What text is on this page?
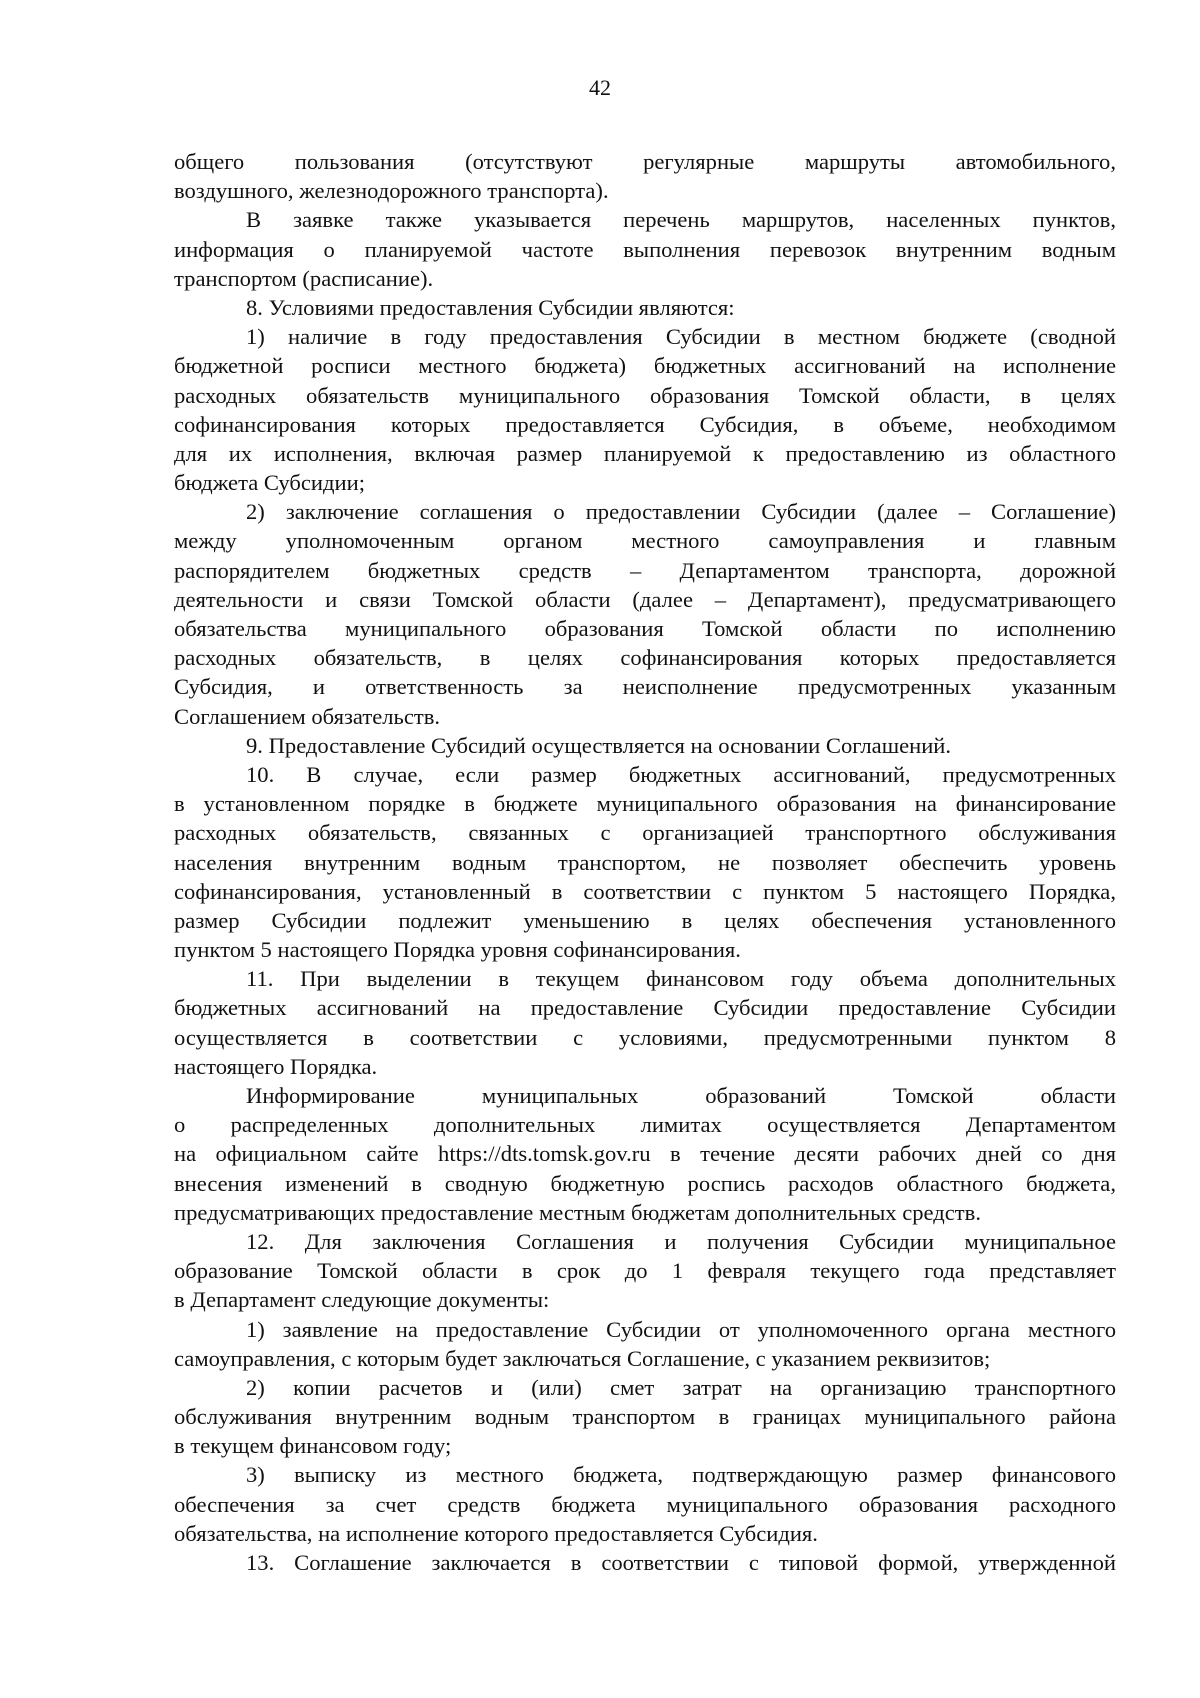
42
общего пользования (отсутствуют регулярные маршруты автомобильного,
воздушного, железнодорожного транспорта).
В заявке также указывается перечень маршрутов, населенных пунктов,
информация о планируемой частоте выполнения перевозок внутренним водным
транспортом (расписание).
8. Условиями предоставления Субсидии являются:
1) наличие в году предоставления Субсидии в местном бюджете (сводной
бюджетной росписи местного бюджета) бюджетных ассигнований на исполнение
расходных обязательств муниципального образования Томской области, в целях
софинансирования которых предоставляется Субсидия, в объеме, необходимом
для их исполнения, включая размер планируемой к предоставлению из областного
бюджета Субсидии;
2) заключение соглашения о предоставлении Субсидии (далее – Соглашение)
между уполномоченным органом местного самоуправления и главным
распорядителем бюджетных средств – Департаментом транспорта, дорожной
деятельности и связи Томской области (далее – Департамент), предусматривающего
обязательства муниципального образования Томской области по исполнению
расходных обязательств, в целях софинансирования которых предоставляется
Субсидия, и ответственность за неисполнение предусмотренных указанным
Соглашением обязательств.
9. Предоставление Субсидий осуществляется на основании Соглашений.
10. В случае, если размер бюджетных ассигнований, предусмотренных
в установленном порядке в бюджете муниципального образования на финансирование
расходных обязательств, связанных с организацией транспортного обслуживания
населения внутренним водным транспортом, не позволяет обеспечить уровень
софинансирования, установленный в соответствии с пунктом 5 настоящего Порядка,
размер Субсидии подлежит уменьшению в целях обеспечения установленного
пунктом 5 настоящего Порядка уровня софинансирования.
11. При выделении в текущем финансовом году объема дополнительных
бюджетных ассигнований на предоставление Субсидии предоставление Субсидии
осуществляется в соответствии с условиями, предусмотренными пунктом 8
настоящего Порядка.
Информирование муниципальных образований Томской области
о распределенных дополнительных лимитах осуществляется Департаментом
на официальном сайте https://dts.tomsk.gov.ru в течение десяти рабочих дней со дня
внесения изменений в сводную бюджетную роспись расходов областного бюджета,
предусматривающих предоставление местным бюджетам дополнительных средств.
12. Для заключения Соглашения и получения Субсидии муниципальное
образование Томской области в срок до 1 февраля текущего года представляет
в Департамент следующие документы:
1) заявление на предоставление Субсидии от уполномоченного органа местного
самоуправления, с которым будет заключаться Соглашение, с указанием реквизитов;
2) копии расчетов и (или) смет затрат на организацию транспортного
обслуживания внутренним водным транспортом в границах муниципального района
в текущем финансовом году;
3) выписку из местного бюджета, подтверждающую размер финансового
обеспечения за счет средств бюджета муниципального образования расходного
обязательства, на исполнение которого предоставляется Субсидия.
13. Соглашение заключается в соответствии с типовой формой, утвержденной
